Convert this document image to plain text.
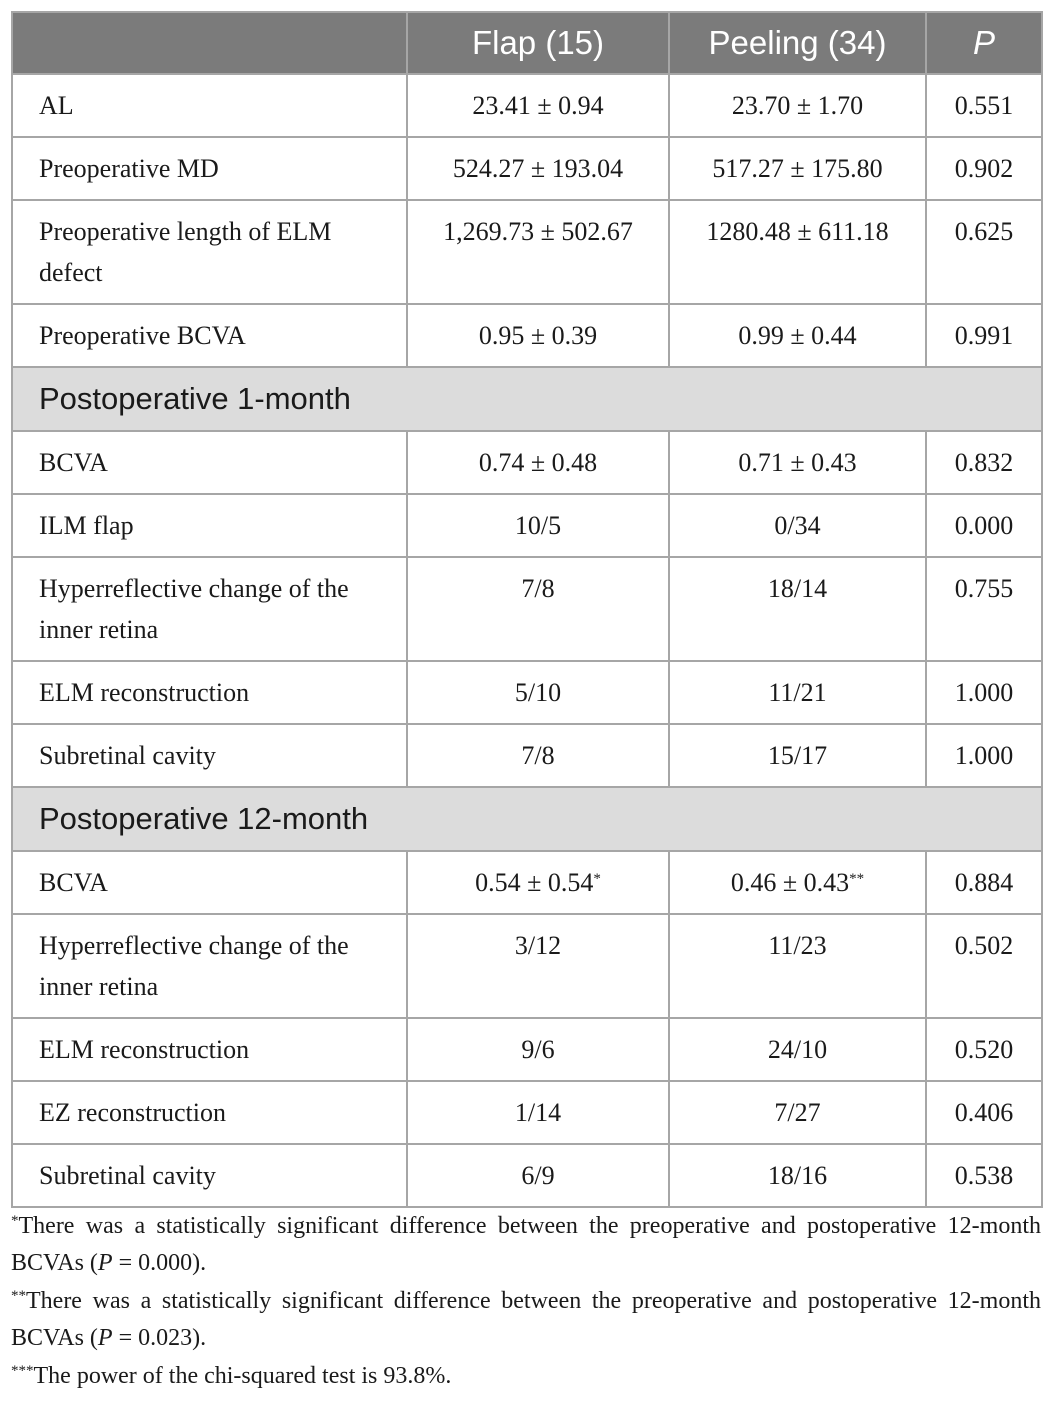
	Flap (15)	Peeling (34)	P
AL	23.41 ± 0.94	23.70 ± 1.70	0.551
Preoperative MD	524.27 ± 193.04	517.27 ± 175.80	0.902
Preoperative length of ELM defect	1,269.73 ± 502.67	1280.48 ± 611.18	0.625
Preoperative BCVA	0.95 ± 0.39	0.99 ± 0.44	0.991
Postoperative 1-month			
BCVA	0.74 ± 0.48	0.71 ± 0.43	0.832
ILM flap	10/5	0/34	0.000
Hyperreflective change of the inner retina	7/8	18/14	0.755
ELM reconstruction	5/10	11/21	1.000
Subretinal cavity	7/8	15/17	1.000
Postoperative 12-month			
BCVA	0.54 ± 0.54*	0.46 ± 0.43**	0.884
Hyperreflective change of the inner retina	3/12	11/23	0.502
ELM reconstruction	9/6	24/10	0.520
EZ reconstruction	1/14	7/27	0.406
Subretinal cavity	6/9	18/16	0.538

*There was a statistically significant difference between the preoperative and postoperative 12-month BCVAs (P = 0.000).

**There was a statistically significant difference between the preoperative and postoperative 12-month BCVAs (P = 0.023).

***The power of the chi-squared test is 93.8%.
